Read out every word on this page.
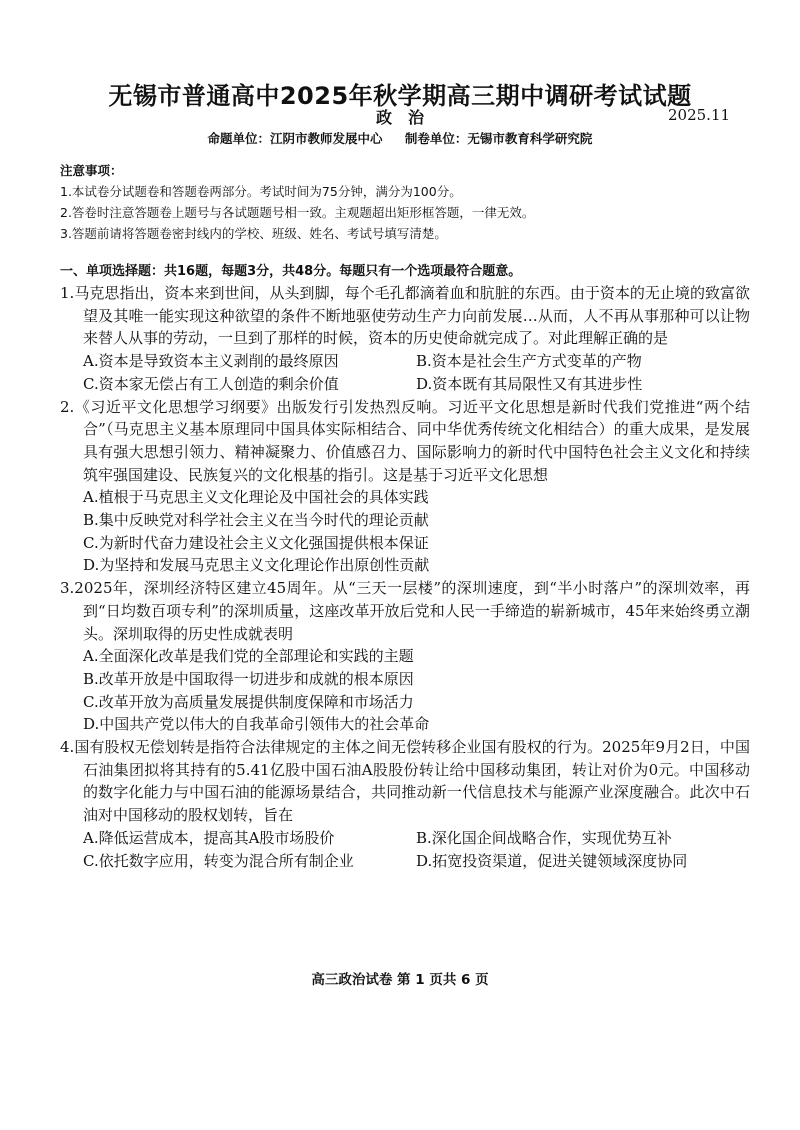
无锡市普通高中2025年秋学期高三期中调研考试试题
政　治	2025.11
命题单位：江阴市教师发展中心 制卷单位：无锡市教育科学研究院
注意事项：
1.本试卷分试题卷和答题卷两部分。考试时间为75分钟，满分为100分。
2.答卷时注意答题卷上题号与各试题题号相一致。主观题超出矩形框答题，一律无效。
3.答题前请将答题卷密封线内的学校、班级、姓名、考试号填写清楚。
一、单项选择题：共16题，每题3分，共48分。每题只有一个选项最符合题意。
1.马克思指出，资本来到世间，从头到脚，每个毛孔都滴着血和肮脏的东西。由于资本的无止境的致富欲望及其唯一能实现这种欲望的条件不断地驱使劳动生产力向前发展…从而，人不再从事那种可以让物来替人从事的劳动，一旦到了那样的时候，资本的历史使命就完成了。对此理解正确的是
A.资本是导致资本主义剥削的最终原因	B.资本是社会生产方式变革的产物
C.资本家无偿占有工人创造的剩余价值	D.资本既有其局限性又有其进步性
2.《习近平文化思想学习纲要》出版发行引发热烈反响。习近平文化思想是新时代我们党推进“两个结合”（马克思主义基本原理同中国具体实际相结合、同中华优秀传统文化相结合）的重大成果，是发展具有强大思想引领力、精神凝聚力、价值感召力、国际影响力的新时代中国特色社会主义文化和持续筑牢强国建设、民族复兴的文化根基的指引。这是基于习近平文化思想
A.植根于马克思主义文化理论及中国社会的具体实践
B.集中反映党对科学社会主义在当今时代的理论贡献
C.为新时代奋力建设社会主义文化强国提供根本保证
D.为坚持和发展马克思主义文化理论作出原创性贡献
3.2025年，深圳经济特区建立45周年。从“三天一层楼”的深圳速度，到“半小时落户”的深圳效率，再到“日均数百项专利”的深圳质量，这座改革开放后党和人民一手缔造的崭新城市，45年来始终勇立潮头。深圳取得的历史性成就表明
A.全面深化改革是我们党的全部理论和实践的主题
B.改革开放是中国取得一切进步和成就的根本原因
C.改革开放为高质量发展提供制度保障和市场活力
D.中国共产党以伟大的自我革命引领伟大的社会革命
4.国有股权无偿划转是指符合法律规定的主体之间无偿转移企业国有股权的行为。2025年9月2日，中国石油集团拟将其持有的5.41亿股中国石油A股股份转让给中国移动集团，转让对价为0元。中国移动的数字化能力与中国石油的能源场景结合，共同推动新一代信息技术与能源产业深度融合。此次中石油对中国移动的股权划转，旨在
A.降低运营成本，提高其A股市场股价	B.深化国企间战略合作，实现优势互补
C.依托数字应用，转变为混合所有制企业	D.拓宽投资渠道，促进关键领域深度协同
高三政治试卷 第 1 页共 6 页
